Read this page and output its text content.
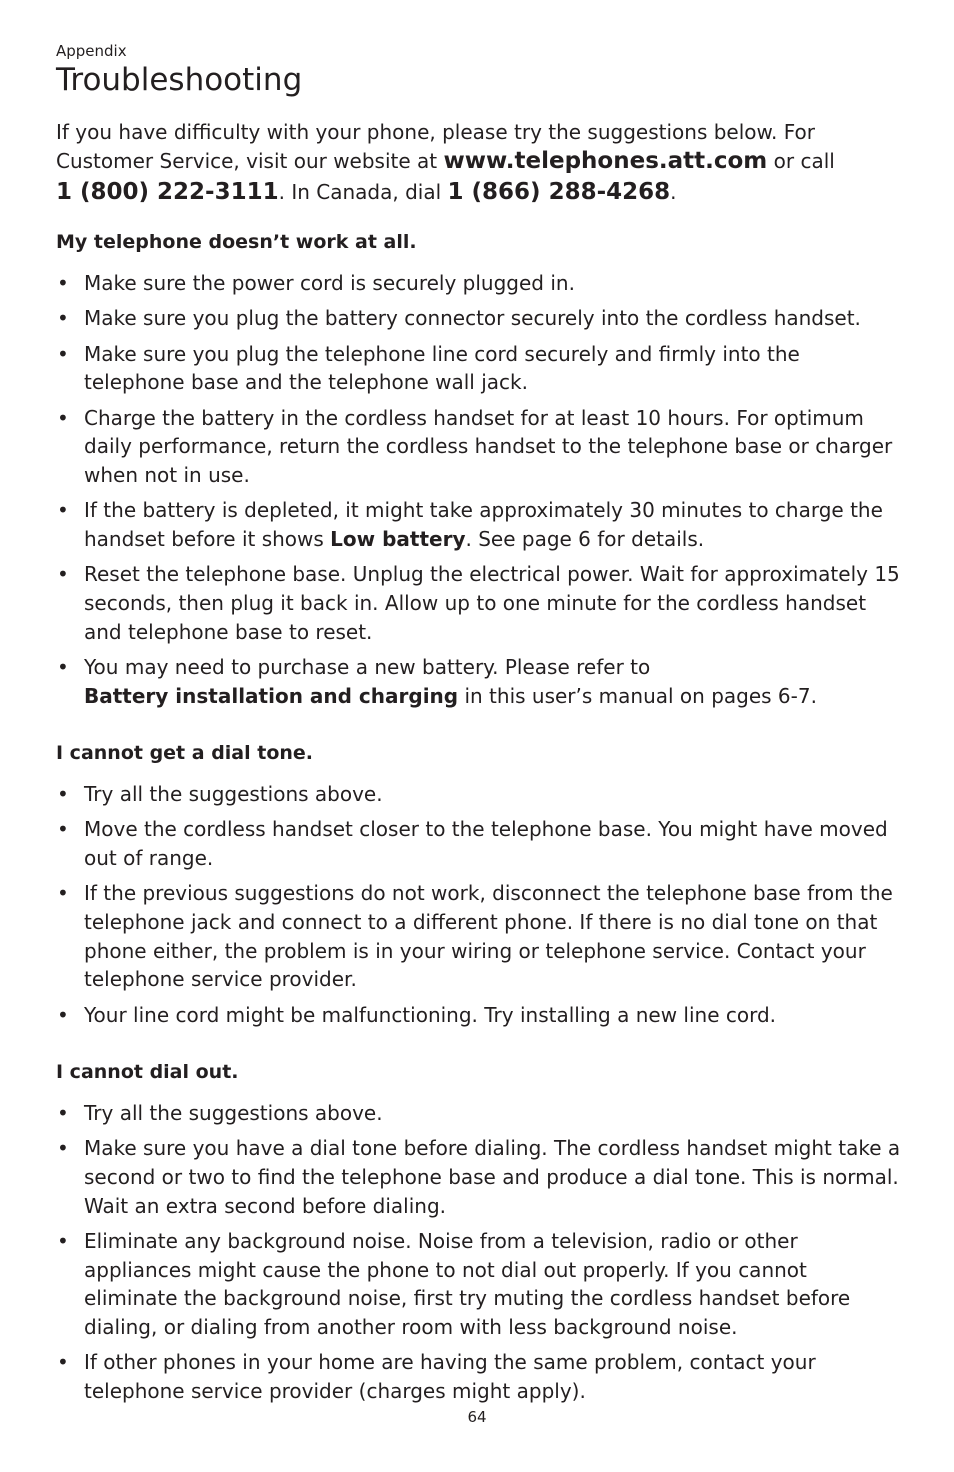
Appendix
Troubleshooting

If you have difficulty with your phone, please try the suggestions below. For Customer Service, visit our website at www.telephones.att.com or call
1 (800) 222-3111. In Canada, dial 1 (866) 288-4268.

My telephone doesn’t work at all.
• Make sure the power cord is securely plugged in.
• Make sure you plug the battery connector securely into the cordless handset.
• Make sure you plug the telephone line cord securely and firmly into the telephone base and the telephone wall jack.
• Charge the battery in the cordless handset for at least 10 hours. For optimum daily performance, return the cordless handset to the telephone base or charger when not in use.
• If the battery is depleted, it might take approximately 30 minutes to charge the handset before it shows Low battery. See page 6 for details.
• Reset the telephone base. Unplug the electrical power. Wait for approximately 15 seconds, then plug it back in. Allow up to one minute for the cordless handset and telephone base to reset.
• You may need to purchase a new battery. Please refer to
Battery installation and charging in this user’s manual on pages 6-7.
I cannot get a dial tone.
• Try all the suggestions above.
• Move the cordless handset closer to the telephone base. You might have moved out of range.
• If the previous suggestions do not work, disconnect the telephone base from the telephone jack and connect to a different phone. If there is no dial tone on that phone either, the problem is in your wiring or telephone service. Contact your telephone service provider.
• Your line cord might be malfunctioning. Try installing a new line cord.
I cannot dial out.
• Try all the suggestions above.
• Make sure you have a dial tone before dialing. The cordless handset might take a second or two to find the telephone base and produce a dial tone. This is normal. Wait an extra second before dialing.
• Eliminate any background noise. Noise from a television, radio or other appliances might cause the phone to not dial out properly. If you cannot eliminate the background noise, first try muting the cordless handset before dialing, or dialing from another room with less background noise.
• If other phones in your home are having the same problem, contact your telephone service provider (charges might apply).
64
